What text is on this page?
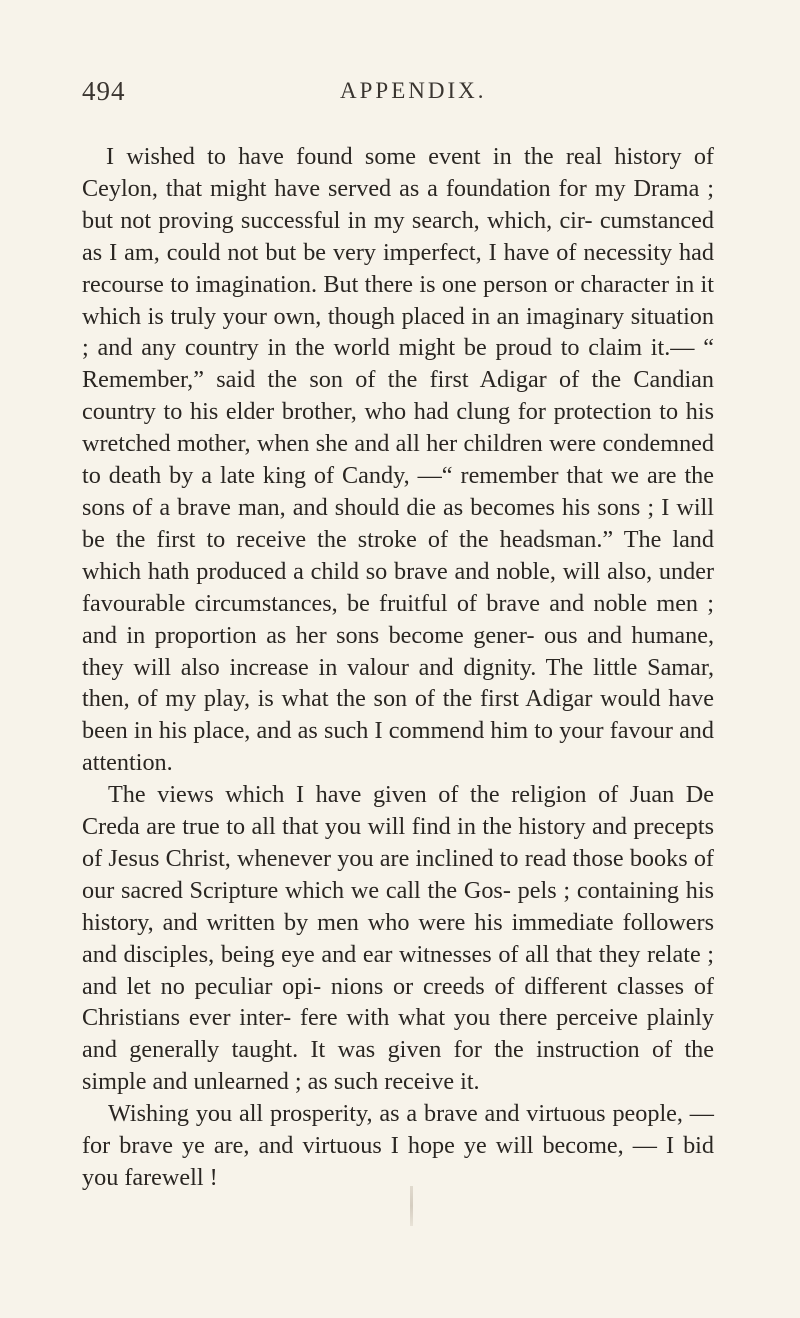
494	APPENDIX.

I wished to have found some event in the real history of Ceylon, that might have served as a foundation for my Drama ; but not proving successful in my search, which, cir- cumstanced as I am, could not but be very imperfect, I have of necessity had recourse to imagination. But there is one person or character in it which is truly your own, though placed in an imaginary situation ; and any country in the world might be proud to claim it.— “ Remember,” said the son of the first Adigar of the Candian country to his elder brother, who had clung for protection to his wretched mother, when she and all her children were condemned to death by a late king of Candy, —“ remember that we are the sons of a brave man, and should die as becomes his sons ; I will be the first to receive the stroke of the headsman.” The land which hath produced a child so brave and noble, will also, under favourable circumstances, be fruitful of brave and noble men ; and in proportion as her sons become gener- ous and humane, they will also increase in valour and dignity. The little Samar, then, of my play, is what the son of the first Adigar would have been in his place, and as such I commend him to your favour and attention.

The views which I have given of the religion of Juan De Creda are true to all that you will find in the history and precepts of Jesus Christ, whenever you are inclined to read those books of our sacred Scripture which we call the Gos- pels ; containing his history, and written by men who were his immediate followers and disciples, being eye and ear witnesses of all that they relate ; and let no peculiar opi- nions or creeds of different classes of Christians ever inter- fere with what you there perceive plainly and generally taught. It was given for the instruction of the simple and unlearned ; as such receive it.

Wishing you all prosperity, as a brave and virtuous people, — for brave ye are, and virtuous I hope ye will become, — I bid you farewell !
